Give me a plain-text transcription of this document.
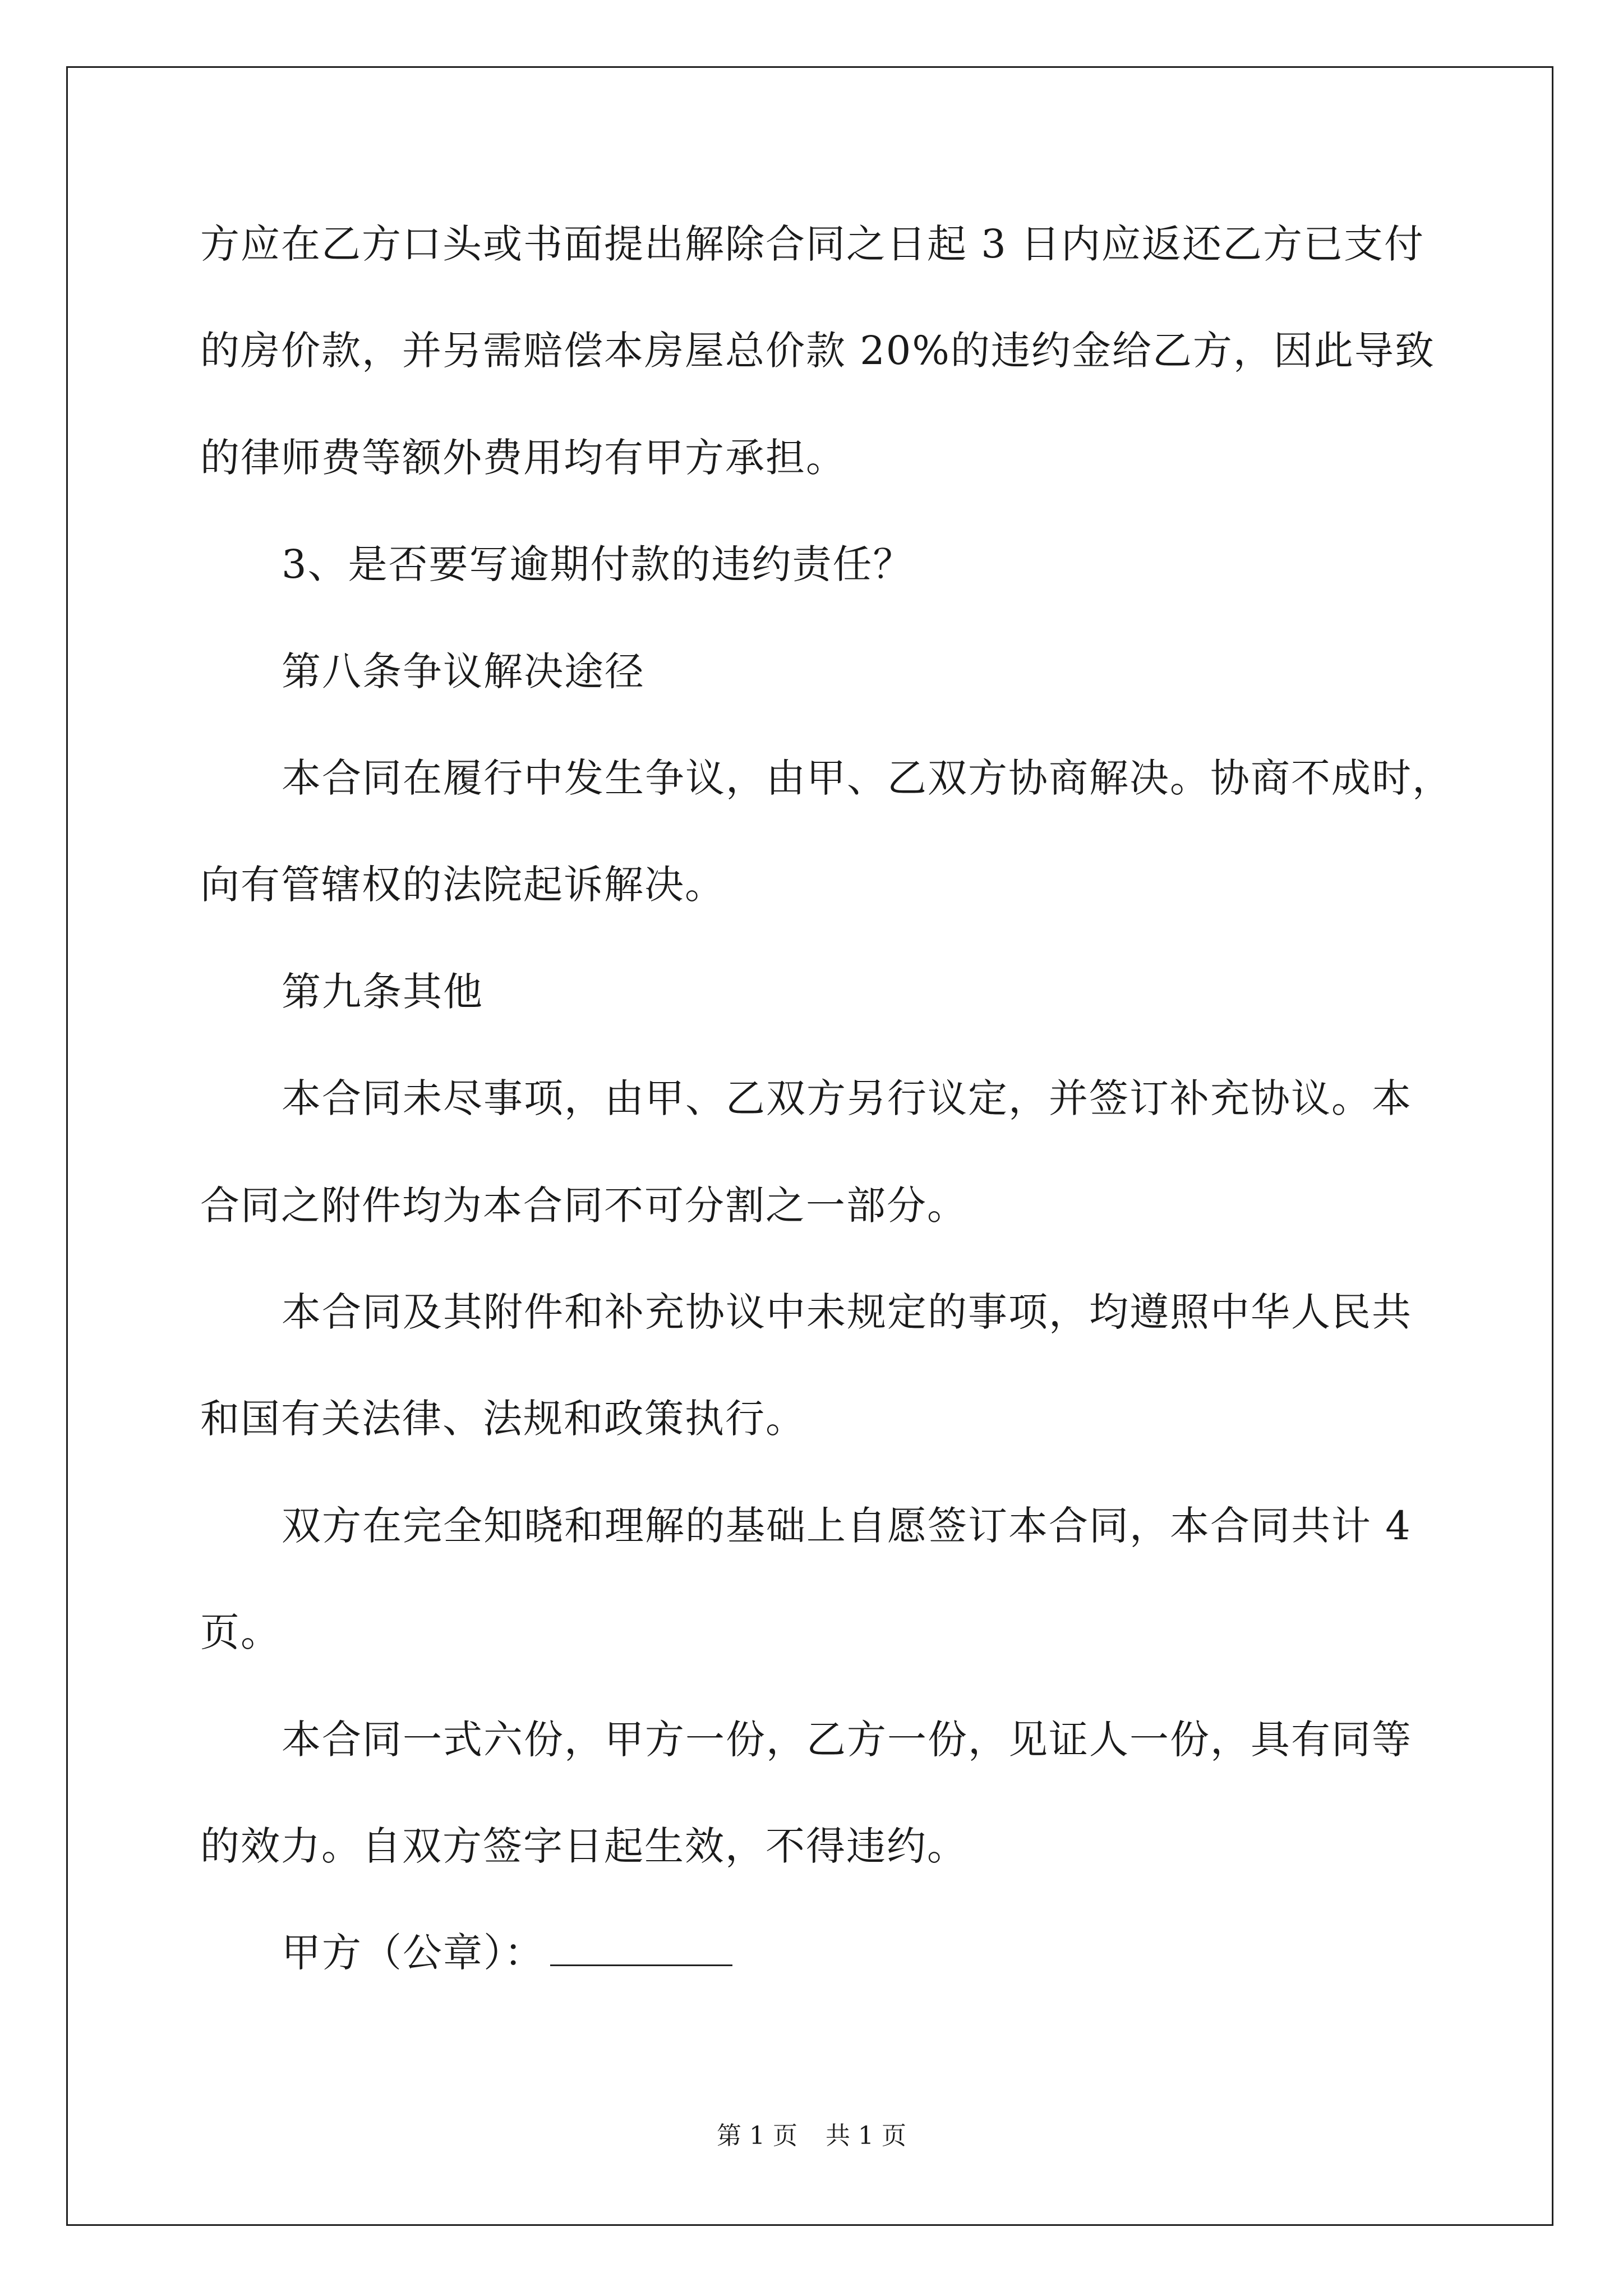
方应在乙方口头或书面提出解除合同之日起 3 日内应返还乙方已支付
的房价款，并另需赔偿本房屋总价款 20%的违约金给乙方，因此导致
的律师费等额外费用均有甲方承担。
3、是否要写逾期付款的违约责任？
第八条争议解决途径
本合同在履行中发生争议，由甲、乙双方协商解决。协商不成时，
向有管辖权的法院起诉解决。
第九条其他
本合同未尽事项，由甲、乙双方另行议定，并签订补充协议。本
合同之附件均为本合同不可分割之一部分。
本合同及其附件和补充协议中未规定的事项，均遵照中华人民共
和国有关法律、法规和政策执行。
双方在完全知晓和理解的基础上自愿签订本合同，本合同共计 4
页。
本合同一式六份，甲方一份，乙方一份，见证人一份，具有同等
的效力。自双方签字日起生效，不得违约。
甲方（公章）：
第 1 页 共 1 页
